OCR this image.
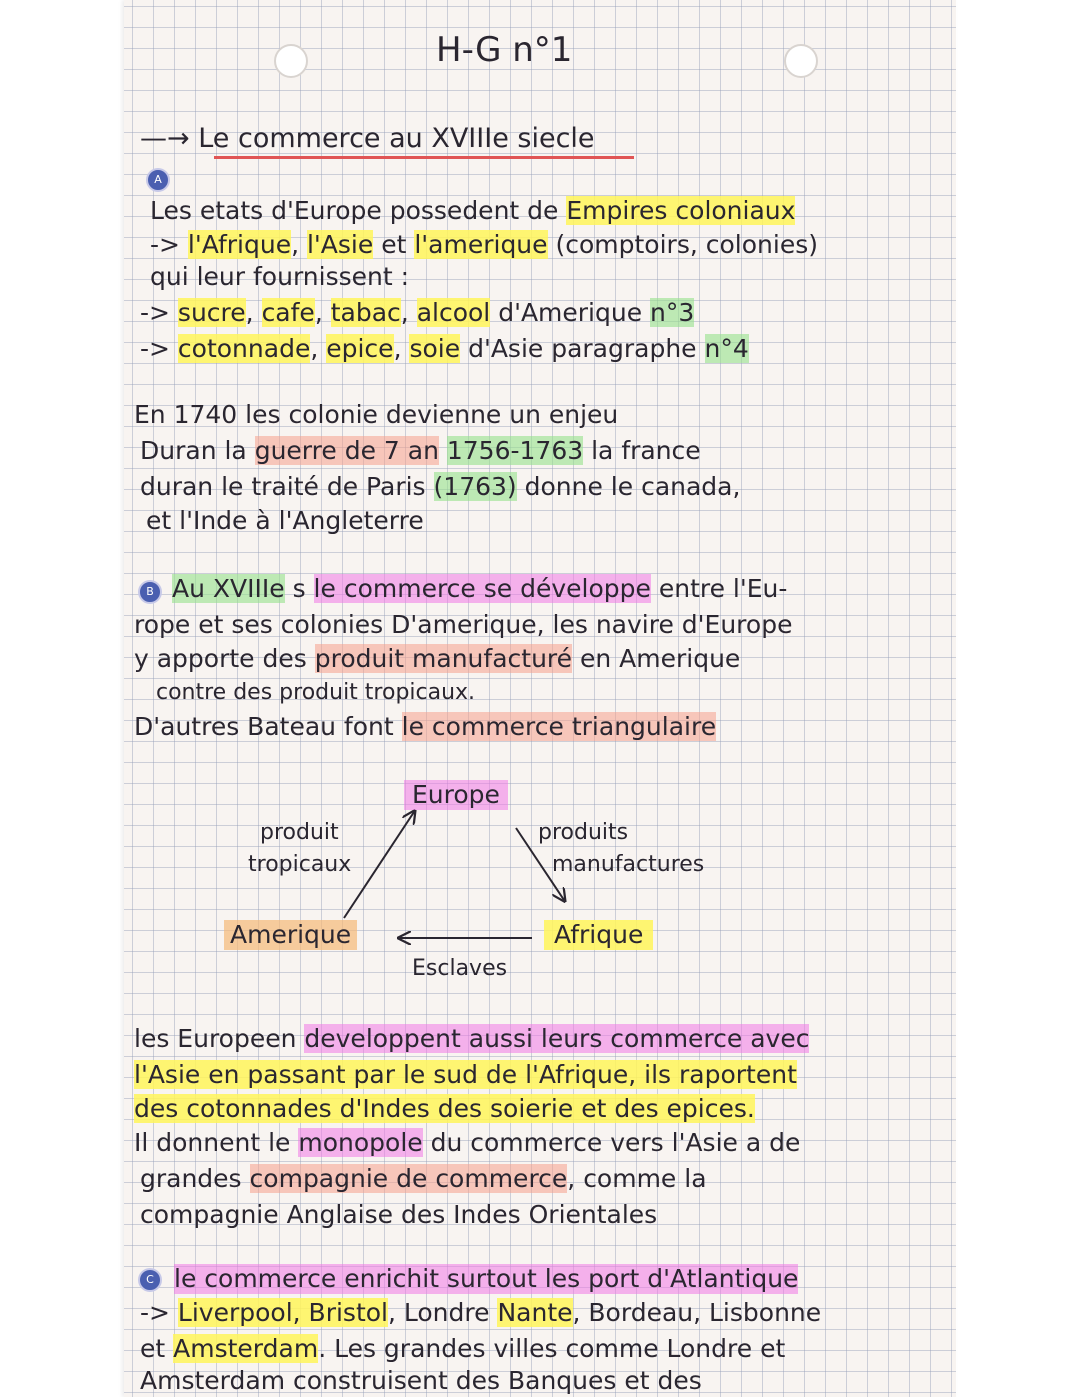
H-G n°1
—→ Le commerce au XVIIIe siecle
A
Les etats d'Europe possedent de Empires coloniaux
-> l'Afrique, l'Asie et l'amerique (comptoirs, colonies)
qui leur fournissent :
-> sucre, cafe, tabac, alcool d'Amerique n°3
-> cotonnade, epice, soie d'Asie paragraphe n°4
En 1740 les colonie devienne un enjeu
Duran la guerre de 7 an 1756-1763 la france
duran le traité de Paris (1763) donne le canada,
et l'Inde à l'Angleterre
B Au XVIIIe s le commerce se développe entre l'Eu-
rope et ses colonies D'amerique, les navire d'Europe
y apporte des produit manufacturé en Amerique
contre des produit tropicaux.
D'autres Bateau font le commerce triangulaire
Europe
produit
tropicaux
produits
manufactures
Amerique	Afrique
Esclaves
les Europeen developpent aussi leurs commerce avec
l'Asie en passant par le sud de l'Afrique, ils raportent
des cotonnades d'Indes des soierie et des epices.
Il donnent le monopole du commerce vers l'Asie a de
grandes compagnie de commerce, comme la
compagnie Anglaise des Indes Orientales
C le commerce enrichit surtout les port d'Atlantique
-> Liverpool, Bristol, Londre Nante, Bordeau, Lisbonne
et Amsterdam. Les grandes villes comme Londre et
Amsterdam construisent des Banques et des
